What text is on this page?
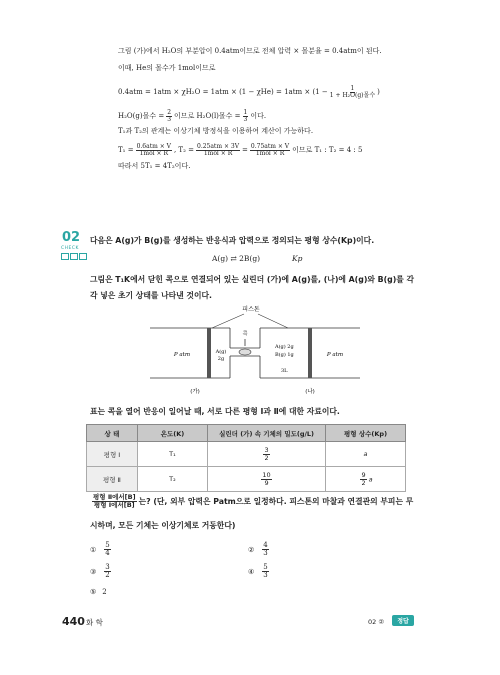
그림 (가)에서 H₂O의 부분압이 0.4atm이므로 전체 압력 × 몰분율 = 0.4atm이 된다.
이때, He의 몰수가 1mol이므로
$0.4atm = 1atm \times \chi H_2O = 1atm \times (1 - \chi He) = 1atm \times (1 - \frac{1}{\text{1 + H₂O(g)몰수}}$ )
H₂O(g)몰수 = $\frac{2}{3}$ 이므로 H₂O(l)몰수 = $\frac{1}{3}$ 이다.
T₁과 T₂의 관계는 이상기체 방정식을 이용하여 계산이 가능하다.
$T_1 = \frac{\text{0.6atm × V}}{\text{1mol × R}}$ , $T_2 = \frac{\text{0.25atm × 3V}}{\text{1mol × R}} = \frac{\text{0.75atm × V}}{\text{1mol × R}}$ 이므로 T₁ : T₂ = 4 : 5
따라서 5T₁ = 4T₂이다.
02
CHECK
다음은 A(g)가 B(g)를 생성하는 반응식과 압력으로 정의되는 평형 상수(Kp)이다.
A(g) ⇄ 2B(g)	Kp
그림은 T₁K에서 닫힌 콕으로 연결되어 있는 실린더 (가)에 A(g)를, (나)에 A(g)와 B(g)를 각
각 넣은 초기 상태를 나타낸 것이다.
피스톤
콕
P atm	A(g)
2g
A(g) 2g
B(g) 1g
3L
P atm
(가)	(나)
표는 콕을 열어 반응이 일어날 때, 서로 다른 평형 Ⅰ과 Ⅱ에 대한 자료이다.
상 태	온도(K)	실린더 (가) 속 기체의 밀도(g/L)	평형 상수(Kp)
평형 Ⅰ	T₁	$\frac{3}{2}$	a
평형 Ⅱ	T₂	$\frac{10}{9}$	$\frac{9}{2}$ a
$\frac{\text{평형 Ⅱ에서[B]}}{\text{평형 Ⅰ에서[B]}}$ 는? (단, 외부 압력은 Patm으로 일정하다. 피스톤의 마찰과 연결관의 부피는 무
시하며, 모든 기체는 이상기체로 거동한다)
① $\frac{5}{4}$	② $\frac{4}{3}$
③ $\frac{3}{2}$	④ $\frac{5}{3}$
⑤ 2
440 화 학	02 ②	정답
